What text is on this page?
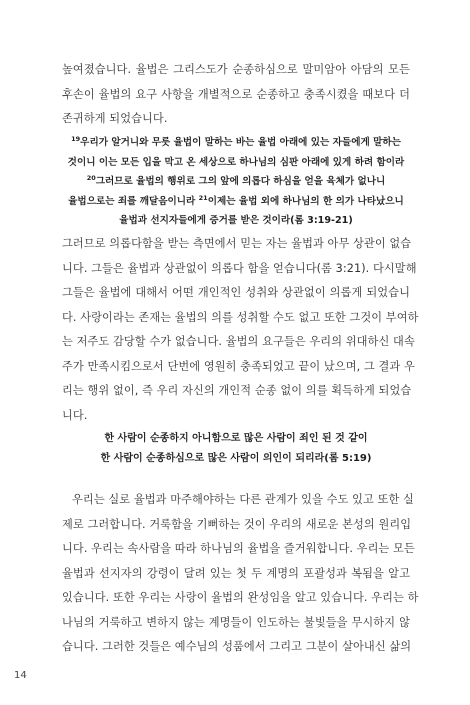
높여졌습니다. 율법은 그리스도가 순종하심으로 말미암아 아담의 모든
후손이 율법의 요구 사항을 개별적으로 순종하고 충족시켰을 때보다 더
존귀하게 되었습니다.
$^{19}$우리가 알거니와 무릇 율법이 말하는 바는 율법 아래에 있는 자들에게 말하는
것이니 이는 모든 입을 막고 온 세상으로 하나님의 심판 아래에 있게 하려 함이라
$^{20}$그러므로 율법의 행위로 그의 앞에 의롭다 하심을 얻을 육체가 없나니
율법으로는 죄를 깨달음이니라 $^{21}$이제는 율법 외에 하나님의 한 의가 나타났으니
율법과 선지자들에게 증거를 받은 것이라(롬 3:19-21)
그러므로 의롭다함을 받는 측면에서 믿는 자는 율법과 아무 상관이 없습
니다. 그들은 율법과 상관없이 의롭다 함을 얻습니다(롬 3:21). 다시말해
그들은 율법에 대해서 어떤 개인적인 성취와 상관없이 의롭게 되었습니
다. 사랑이라는 존재는 율법의 의를 성취할 수도 없고 또한 그것이 부여하
는 저주도 감당할 수가 없습니다. 율법의 요구들은 우리의 위대하신 대속
주가 만족시킴으로서 단번에 영원히 충족되었고 끝이 났으며, 그 결과 우
리는 행위 없이, 즉 우리 자신의 개인적 순종 없이 의를 획득하게 되었습
니다.
한 사람이 순종하지 아니함으로 많은 사람이 죄인 된 것 같이
한 사람이 순종하심으로 많은 사람이 의인이 되리라(롬 5:19)
우리는 실로 율법과 마주해야하는 다른 관계가 있을 수도 있고 또한 실
제로 그러합니다. 거룩함을 기뻐하는 것이 우리의 새로운 본성의 원리입
니다. 우리는 속사람을 따라 하나님의 율법을 즐거워합니다. 우리는 모든
율법과 선지자의 강령이 달려 있는 첫 두 계명의 포괄성과 복됨을 알고
있습니다. 또한 우리는 사랑이 율법의 완성임을 알고 있습니다. 우리는 하
나님의 거룩하고 변하지 않는 계명들이 인도하는 불빛들을 무시하지 않
습니다. 그러한 것들은 예수님의 성품에서 그리고 그분이 살아내신 삶의
14
